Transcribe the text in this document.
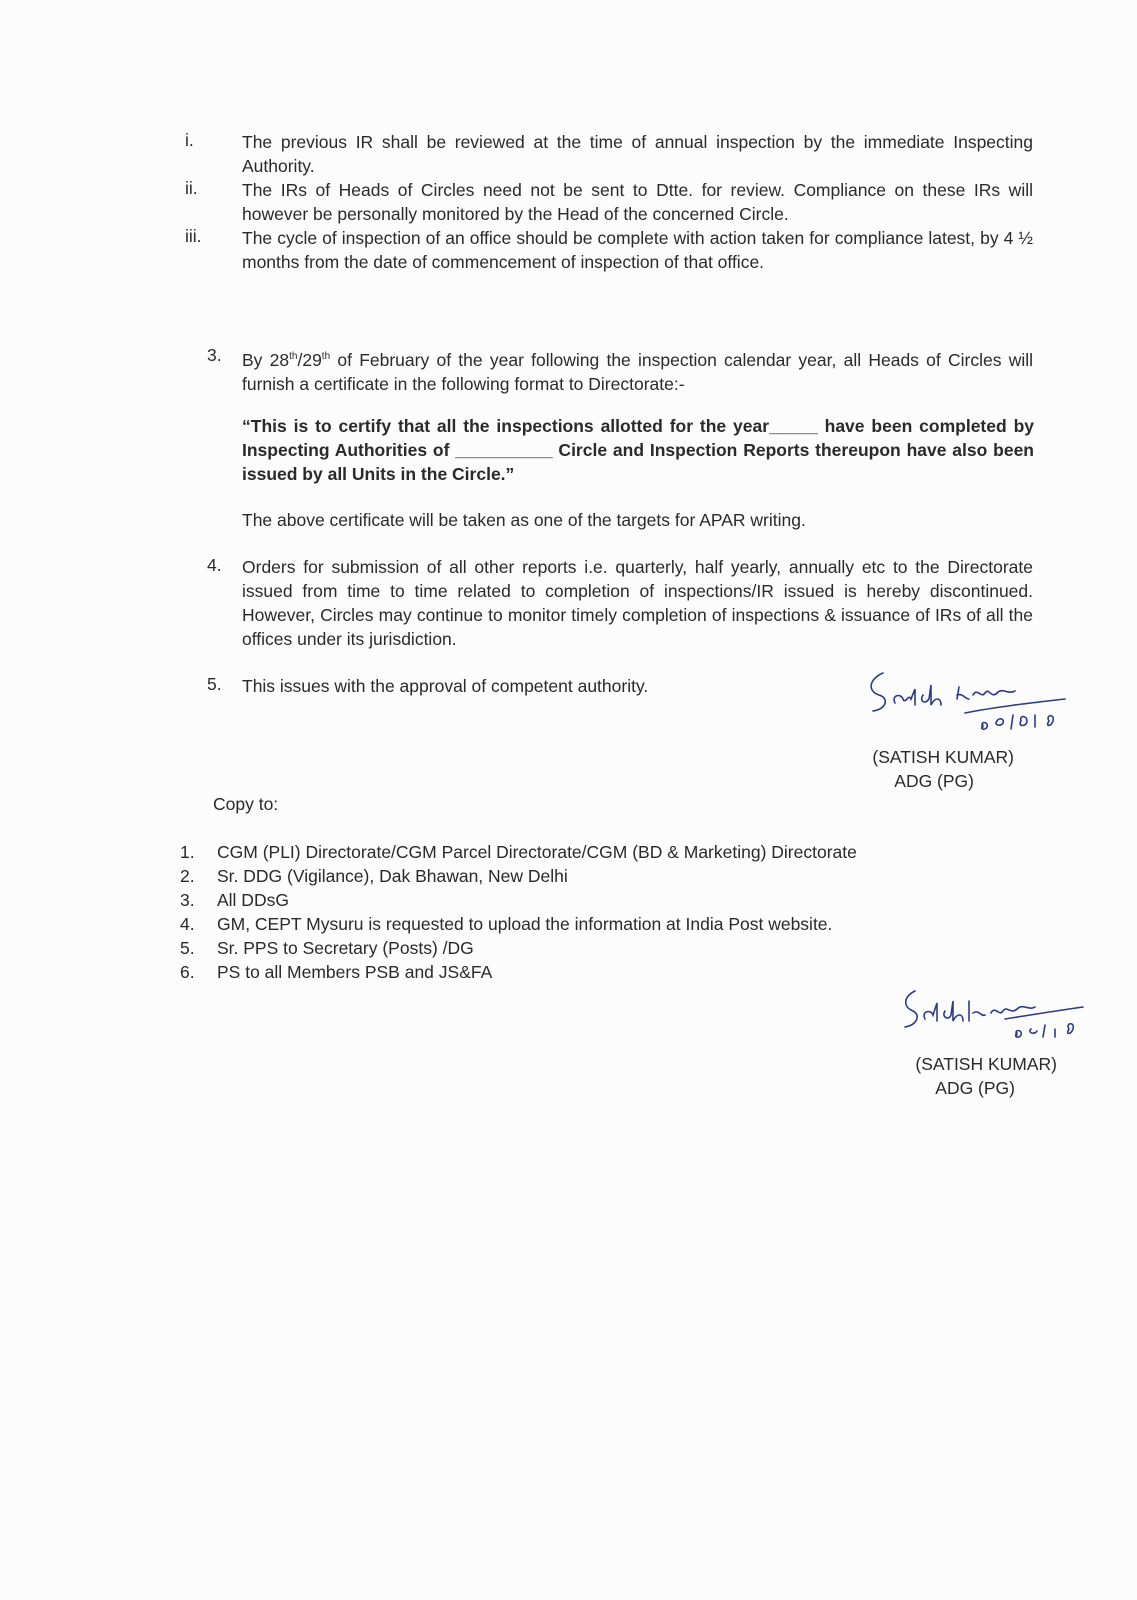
i.	The previous IR shall be reviewed at the time of annual inspection by the immediate Inspecting Authority.
ii.	The IRs of Heads of Circles need not be sent to Dtte. for review. Compliance on these IRs will however be personally monitored by the Head of the concerned Circle.
iii.	The cycle of inspection of an office should be complete with action taken for compliance latest, by 4 ½ months from the date of commencement of inspection of that office.
3. By 28th/29th of February of the year following the inspection calendar year, all Heads of Circles will furnish a certificate in the following format to Directorate:-
“This is to certify that all the inspections allotted for the year_____ have been completed by Inspecting Authorities of __________ Circle and Inspection Reports thereupon have also been issued by all Units in the Circle.”
The above certificate will be taken as one of the targets for APAR writing.
4. Orders for submission of all other reports i.e. quarterly, half yearly, annually etc to the Directorate issued from time to time related to completion of inspections/IR issued is hereby discontinued. However, Circles may continue to monitor timely completion of inspections & issuance of IRs of all the offices under its jurisdiction.
5. This issues with the approval of competent authority.
(SATISH KUMAR)
ADG (PG)
Copy to:
1. CGM (PLI) Directorate/CGM Parcel Directorate/CGM (BD & Marketing) Directorate
2. Sr. DDG (Vigilance), Dak Bhawan, New Delhi
3. All DDsG
4. GM, CEPT Mysuru is requested to upload the information at India Post website.
5. Sr. PPS to Secretary (Posts) /DG
6. PS to all Members PSB and JS&FA
(SATISH KUMAR)
ADG (PG)
